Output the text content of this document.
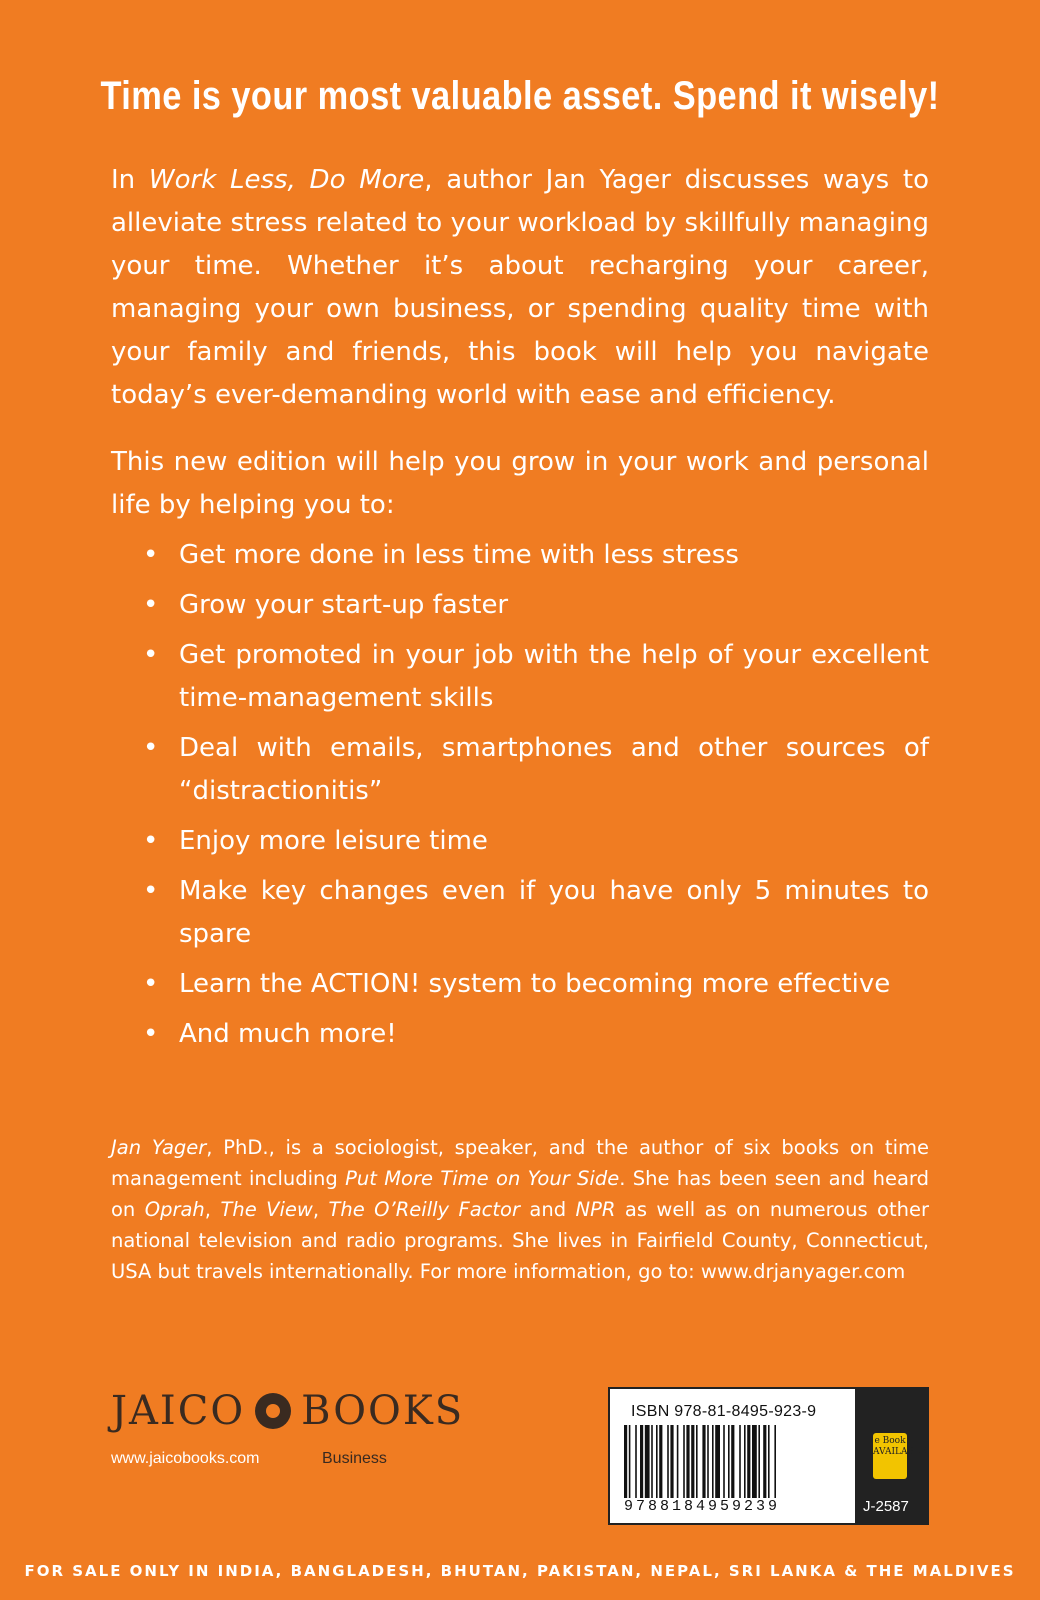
Time is your most valuable asset. Spend it wisely!
In Work Less, Do More, author Jan Yager discusses ways to alleviate stress related to your workload by skillfully managing your time. Whether it’s about recharging your career, managing your own business, or spending quality time with your family and friends, this book will help you navigate today’s ever-demanding world with ease and efficiency.
This new edition will help you grow in your work and personal life by helping you to:
• Get more done in less time with less stress
• Grow your start-up faster
• Get promoted in your job with the help of your excellent time-management skills
• Deal with emails, smartphones and other sources of “distractionitis”
• Enjoy more leisure time
• Make key changes even if you have only 5 minutes to spare
• Learn the ACTION! system to becoming more effective
• And much more!
Jan Yager, PhD., is a sociologist, speaker, and the author of six books on time management including Put More Time on Your Side. She has been seen and heard on Oprah, The View, The O’Reilly Factor and NPR as well as on numerous other national television and radio programs. She lives in Fairfield County, Connecticut, USA but travels internationally. For more information, go to: www.drjanyager.com
JAICO BOOKS
www.jaicobooks.com	Business
ISBN 978-81-8495-923-9
9788184959239
e Book AVAILABLE
J-2587
FOR SALE ONLY IN INDIA, BANGLADESH, BHUTAN, PAKISTAN, NEPAL, SRI LANKA & THE MALDIVES
